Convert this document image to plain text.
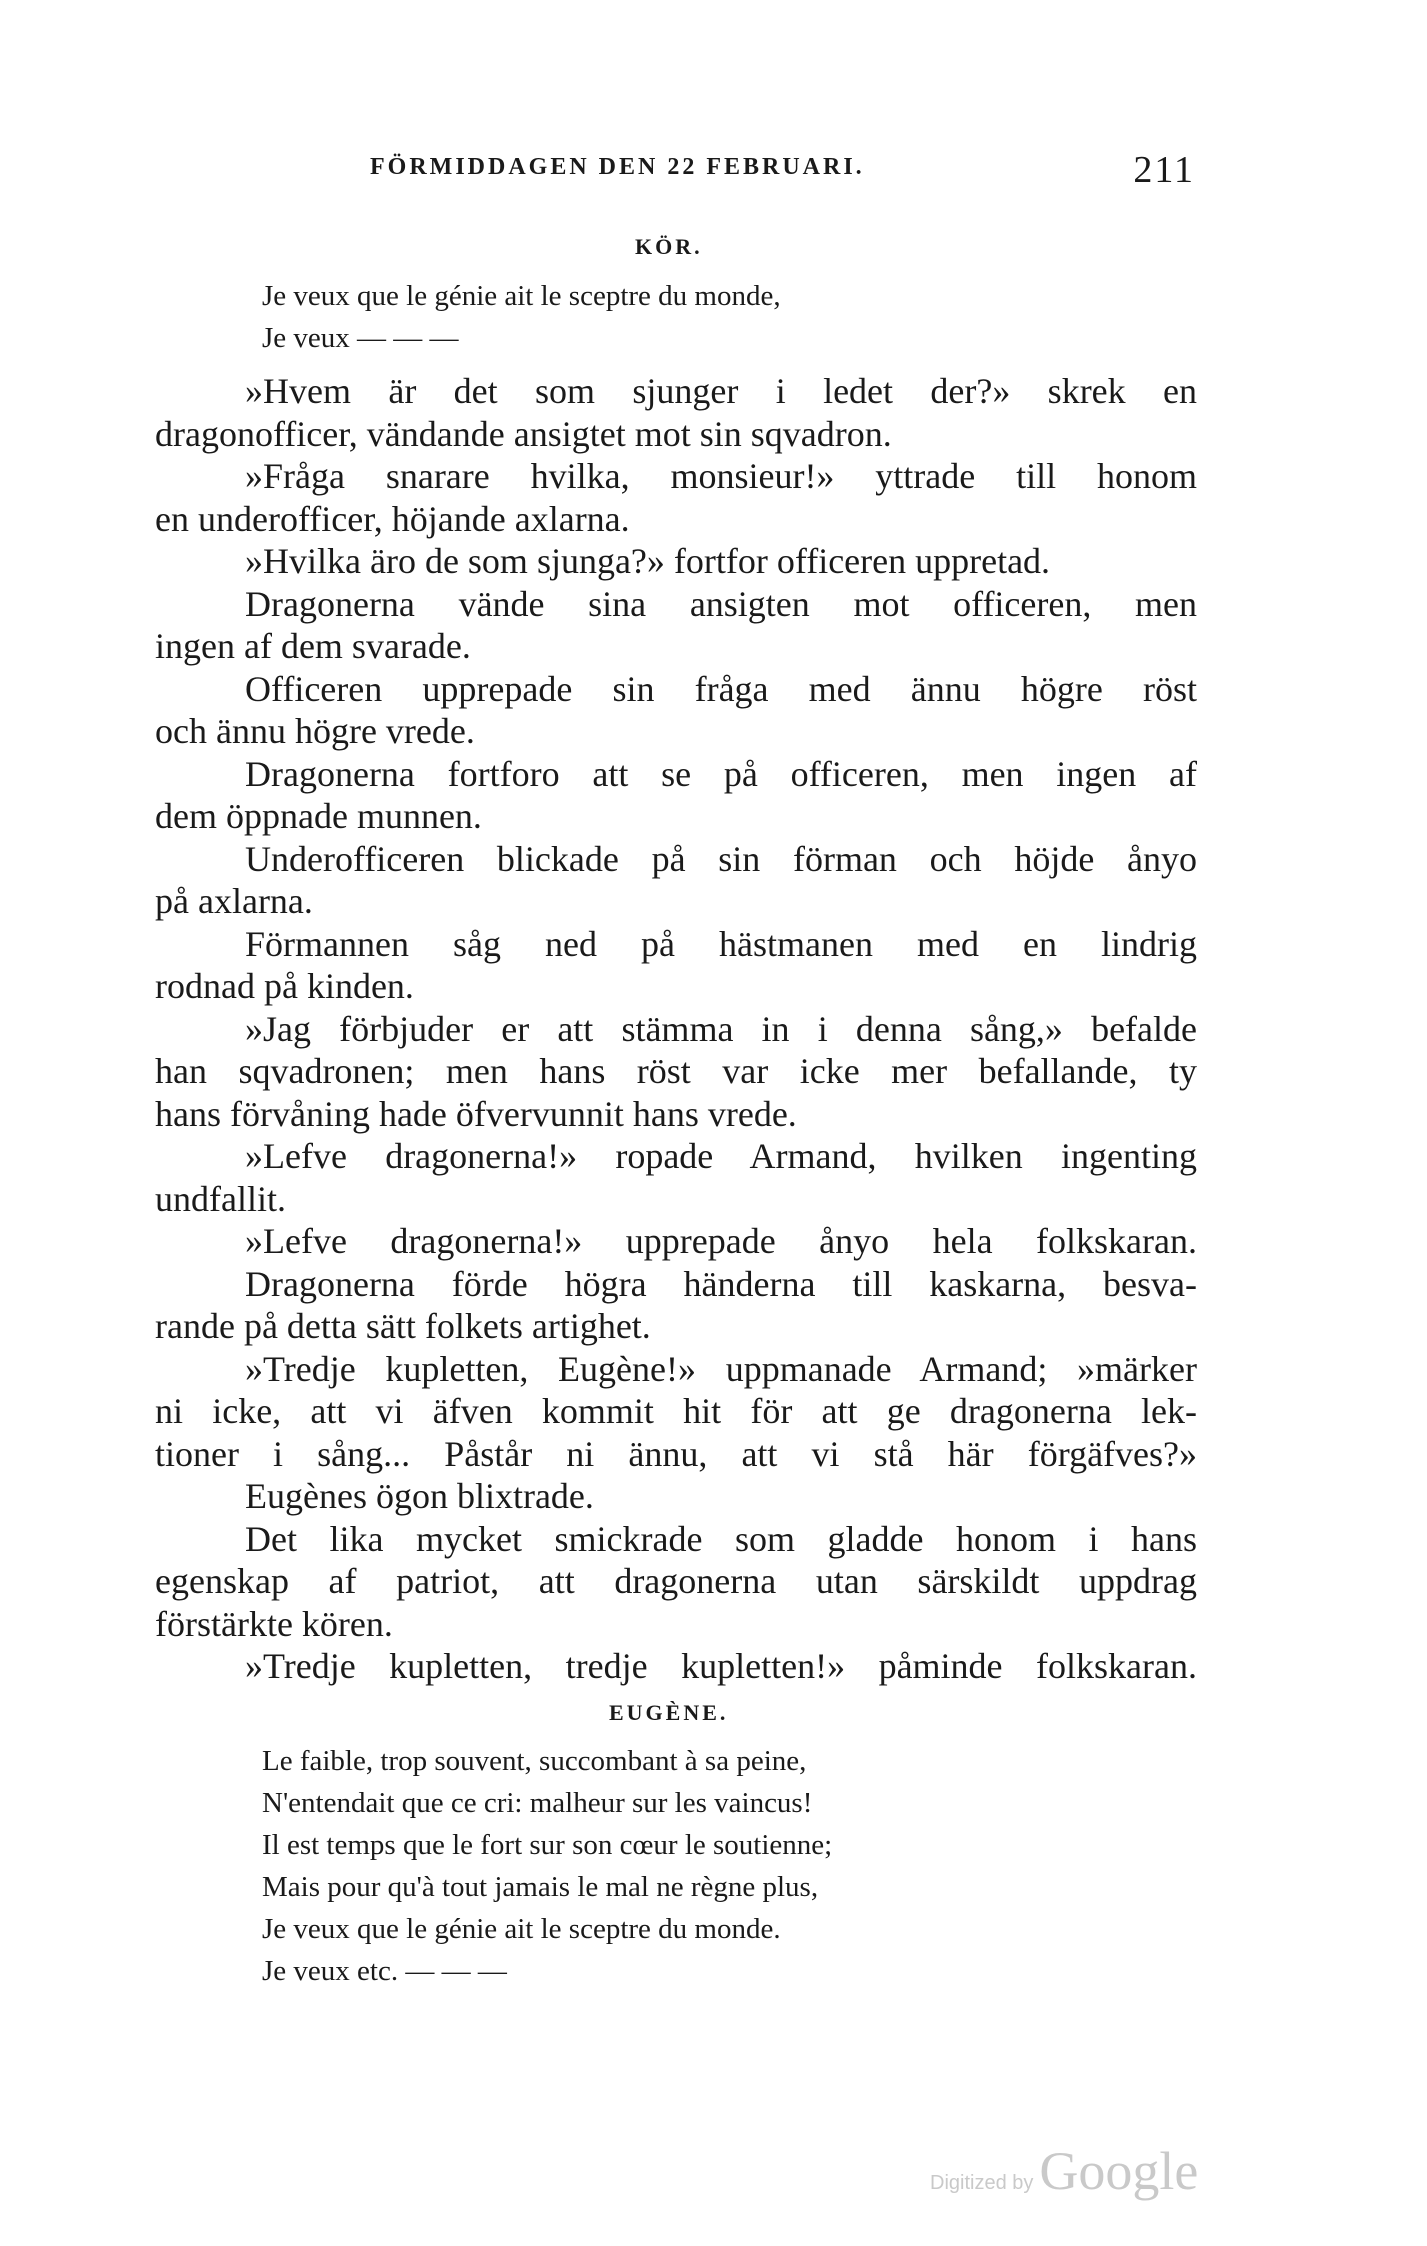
FÖRMIDDAGEN DEN 22 FEBRUARI.	211
KÖR.
Je veux que le génie ait le sceptre du monde,
Je veux — — —
»Hvem är det som sjunger i ledet der?» skrek en
dragonofficer, vändande ansigtet mot sin sqvadron.
»Fråga snarare hvilka, monsieur!» yttrade till honom
en underofficer, höjande axlarna.
»Hvilka äro de som sjunga?» fortfor officeren uppretad.
Dragonerna vände sina ansigten mot officeren, men
ingen af dem svarade.
Officeren upprepade sin fråga med ännu högre röst
och ännu högre vrede.
Dragonerna fortforo att se på officeren, men ingen af
dem öppnade munnen.
Underofficeren blickade på sin förman och höjde ånyo
på axlarna.
Förmannen såg ned på hästmanen med en lindrig
rodnad på kinden.
»Jag förbjuder er att stämma in i denna sång,» befalde
han sqvadronen; men hans röst var icke mer befallande, ty
hans förvåning hade öfvervunnit hans vrede.
»Lefve dragonerna!» ropade Armand, hvilken ingenting
undfallit.
»Lefve dragonerna!» upprepade ånyo hela folkskaran.
Dragonerna förde högra händerna till kaskarna, besva-
rande på detta sätt folkets artighet.
»Tredje kupletten, Eugène!» uppmanade Armand; »märker
ni icke, att vi äfven kommit hit för att ge dragonerna lek-
tioner i sång... Påstår ni ännu, att vi stå här förgäfves?»
Eugènes ögon blixtrade.
Det lika mycket smickrade som gladde honom i hans
egenskap af patriot, att dragonerna utan särskildt uppdrag
förstärkte kören.
»Tredje kupletten, tredje kupletten!» påminde folkskaran.
EUGÈNE.
Le faible, trop souvent, succombant à sa peine,
N'entendait que ce cri: malheur sur les vaincus!
Il est temps que le fort sur son cœur le soutienne;
Mais pour qu'à tout jamais le mal ne règne plus,
Je veux que le génie ait le sceptre du monde.
Je veux etc. — — —
Digitized by Google
